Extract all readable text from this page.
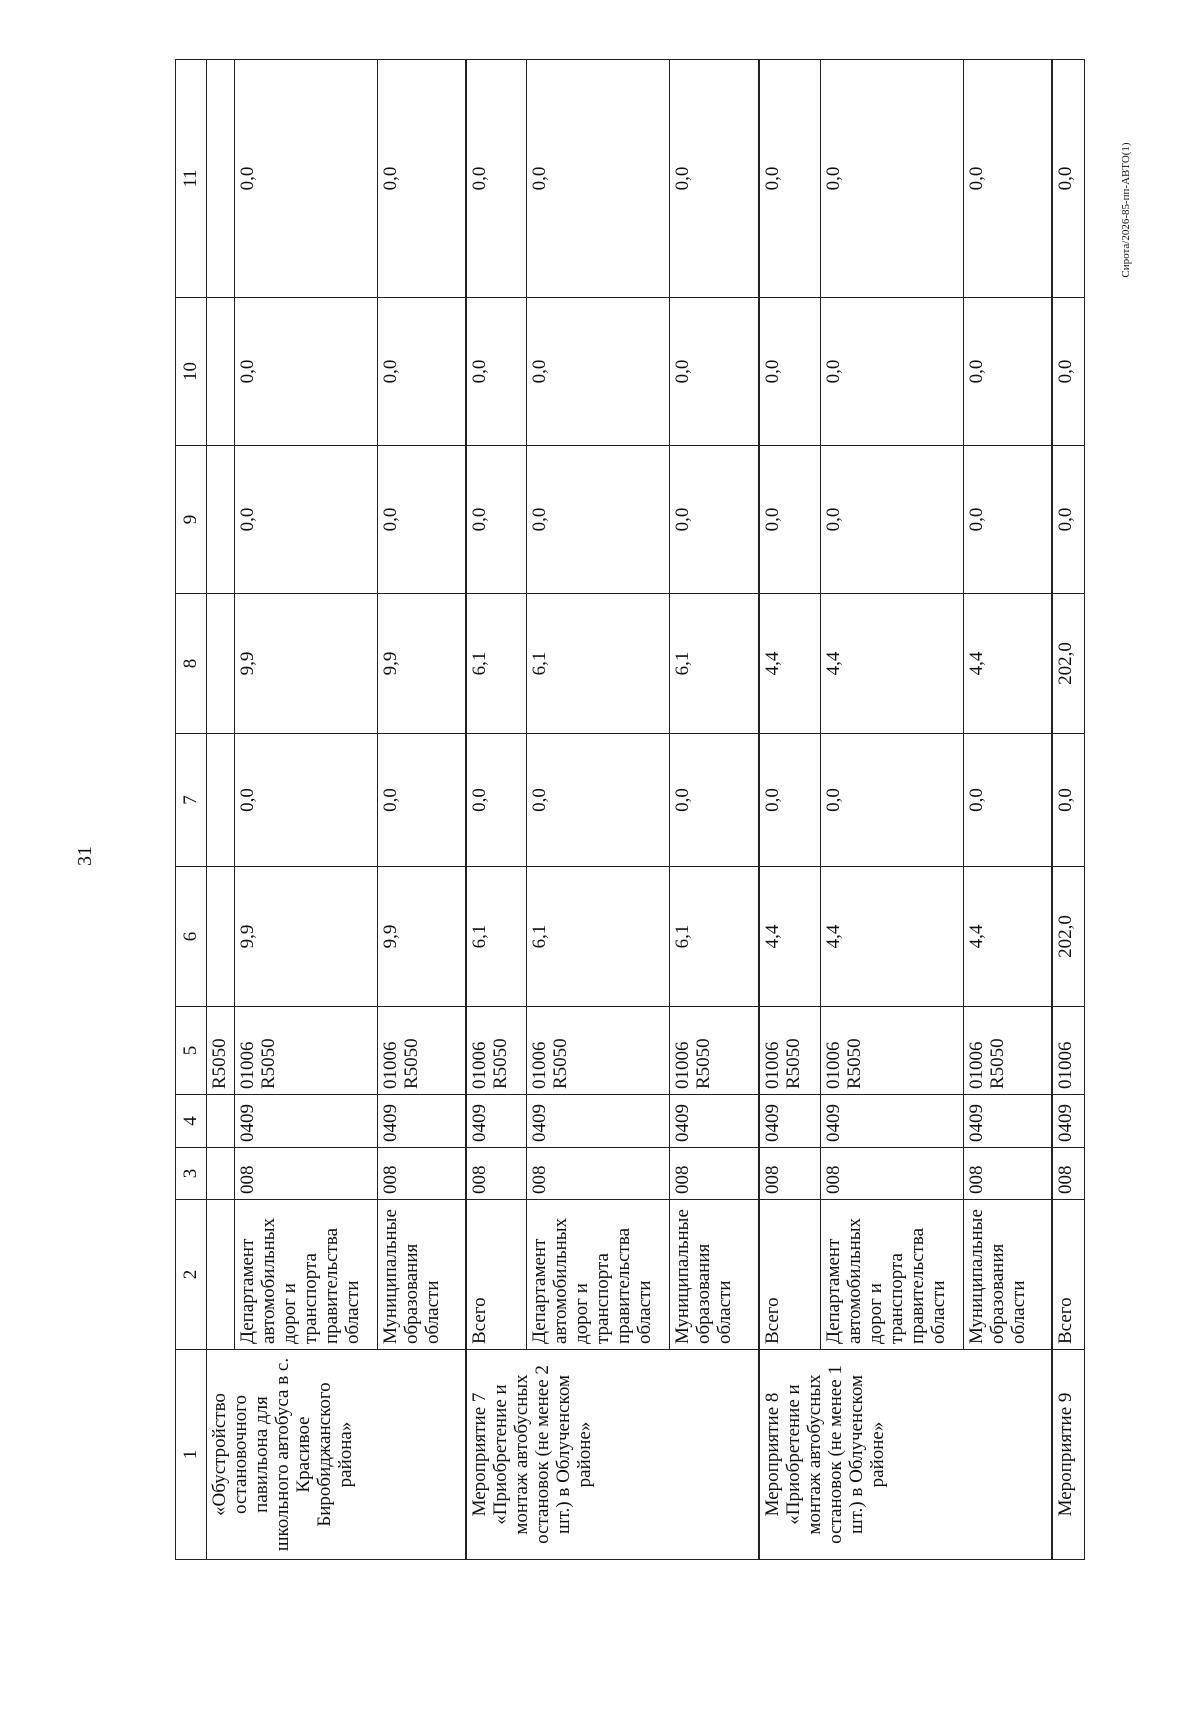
31
1	2	3	4	5	6	7	8	9	10	11
«Обустройство остановочного павильона для школьного автобуса в с. Красивое Биробиджанского района»				R5050						
	Департамент автомобильных дорог и транспорта правительства области	008	0409	01006 R5050	9,9	0,0	9,9	0,0	0,0	0,0
	Муниципальные образования области	008	0409	01006 R5050	9,9	0,0	9,9	0,0	0,0	0,0
Мероприятие 7 «Приобретение и монтаж автобусных остановок (не менее 2 шт.) в Облученском районе»	Всего	008	0409	01006 R5050	6,1	0,0	6,1	0,0	0,0	0,0
	Департамент автомобильных дорог и транспорта правительства области	008	0409	01006 R5050	6,1	0,0	6,1	0,0	0,0	0,0
	Муниципальные образования области	008	0409	01006 R5050	6,1	0,0	6,1	0,0	0,0	0,0
Мероприятие 8 «Приобретение и монтаж автобусных остановок (не менее 1 шт.) в Облученском районе»	Всего	008	0409	01006 R5050	4,4	0,0	4,4	0,0	0,0	0,0
	Департамент автомобильных дорог и транспорта правительства области	008	0409	01006 R5050	4,4	0,0	4,4	0,0	0,0	0,0
	Муниципальные образования области	008	0409	01006 R5050	4,4	0,0	4,4	0,0	0,0	0,0
Мероприятие 9	Всего	008	0409	01006	202,0	0,0	202,0	0,0	0,0	0,0	Сирота/2026-85-пп-АВТО(1)
